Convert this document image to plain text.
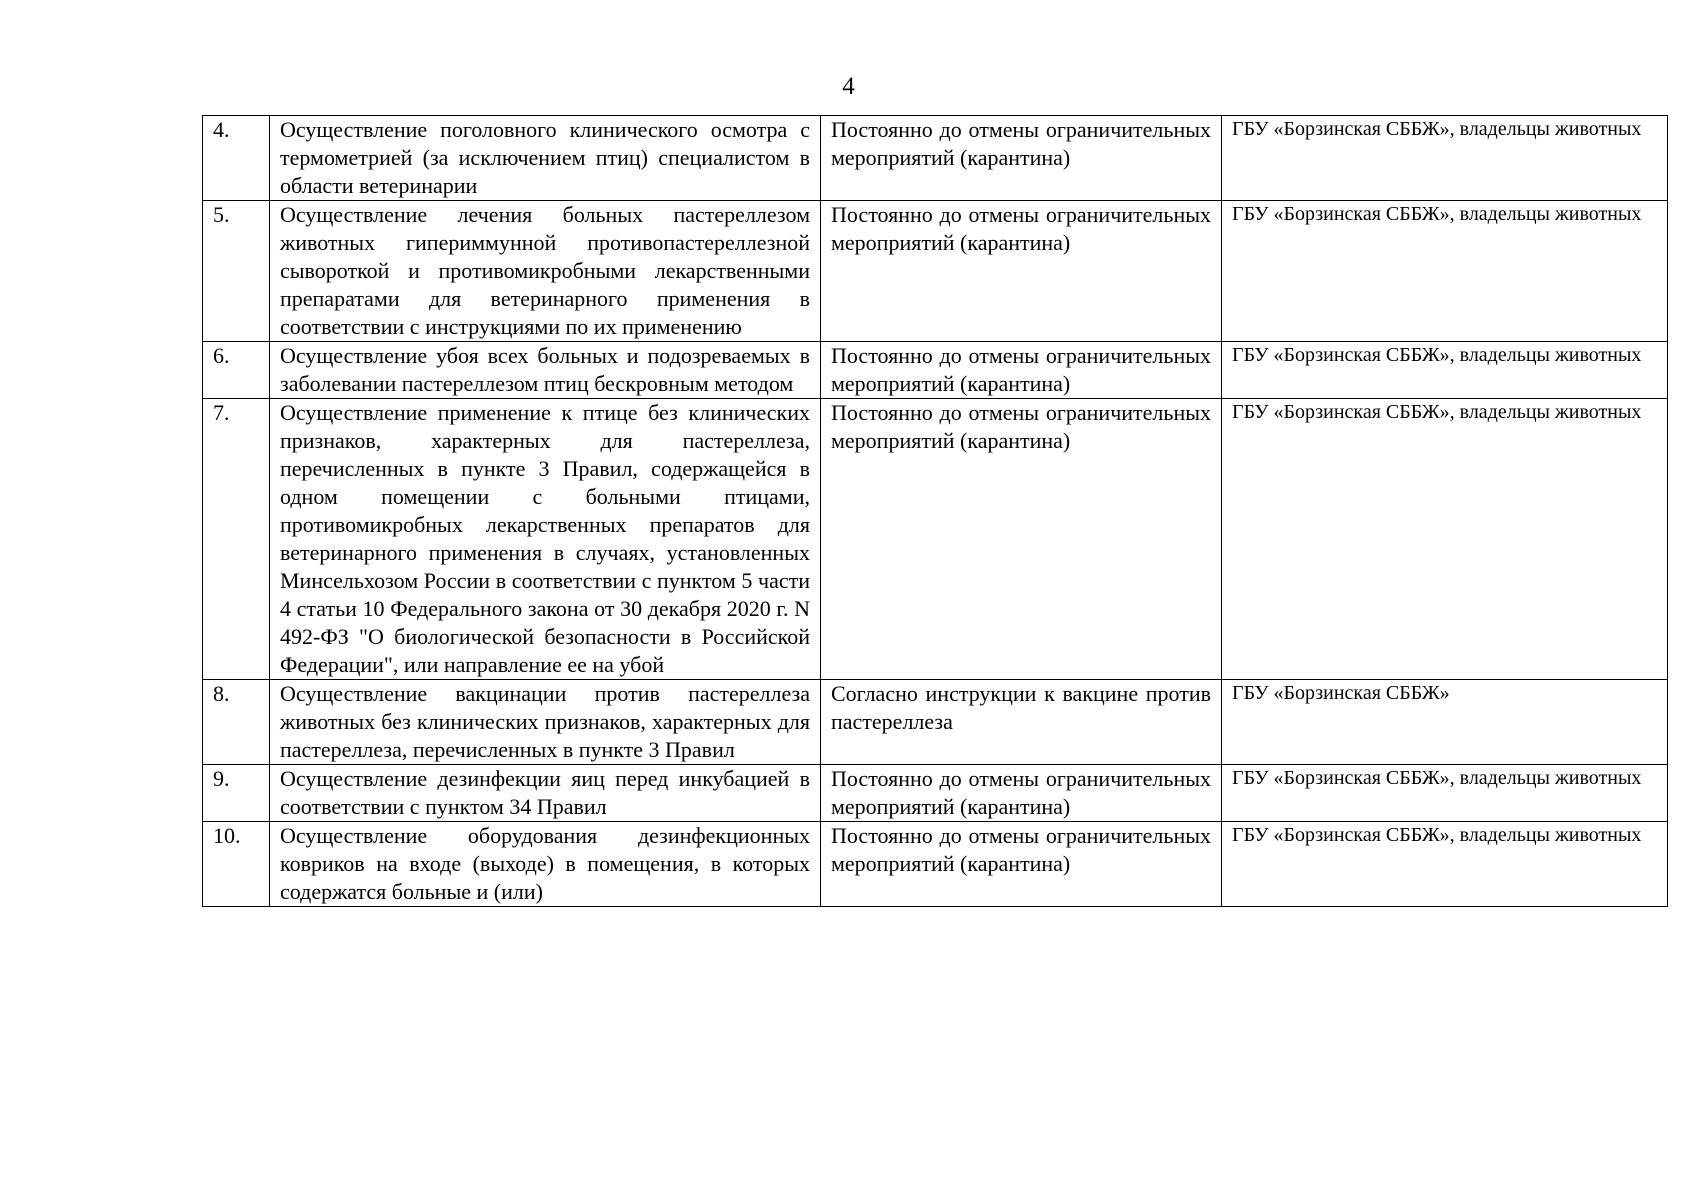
4
4.	Осуществление поголовного клинического осмотра с термометрией (за исключением птиц) специалистом в области ветеринарии	Постоянно до отмены ограничительных мероприятий (карантина)	ГБУ «Борзинская СББЖ», владельцы животных
5.	Осуществление лечения больных пастереллезом животных гипериммунной противопастереллезной сывороткой и противомикробными лекарственными препаратами для ветеринарного применения в соответствии с инструкциями по их применению	Постоянно до отмены ограничительных мероприятий (карантина)	ГБУ «Борзинская СББЖ», владельцы животных
6.	Осуществление убоя всех больных и подозреваемых в заболевании пастереллезом птиц бескровным методом	Постоянно до отмены ограничительных мероприятий (карантина)	ГБУ «Борзинская СББЖ», владельцы животных
7.	Осуществление применение к птице без клинических признаков, характерных для пастереллеза, перечисленных в пункте 3 Правил, содержащейся в одном помещении с больными птицами, противомикробных лекарственных препаратов для ветеринарного применения в случаях, установленных Минсельхозом России в соответствии с пунктом 5 части 4 статьи 10 Федерального закона от 30 декабря 2020 г. N 492-ФЗ "О биологической безопасности в Российской Федерации", или направление ее на убой	Постоянно до отмены ограничительных мероприятий (карантина)	ГБУ «Борзинская СББЖ», владельцы животных
8.	Осуществление вакцинации против пастереллеза животных без клинических признаков, характерных для пастереллеза, перечисленных в пункте 3 Правил	Согласно инструкции к вакцине против пастереллеза	ГБУ «Борзинская СББЖ»
9.	Осуществление дезинфекции яиц перед инкубацией в соответствии с пунктом 34 Правил	Постоянно до отмены ограничительных мероприятий (карантина)	ГБУ «Борзинская СББЖ», владельцы животных
10.	Осуществление оборудования дезинфекционных ковриков на входе (выходе) в помещения, в которых содержатся больные и (или)	Постоянно до отмены ограничительных мероприятий (карантина)	ГБУ «Борзинская СББЖ», владельцы животных
